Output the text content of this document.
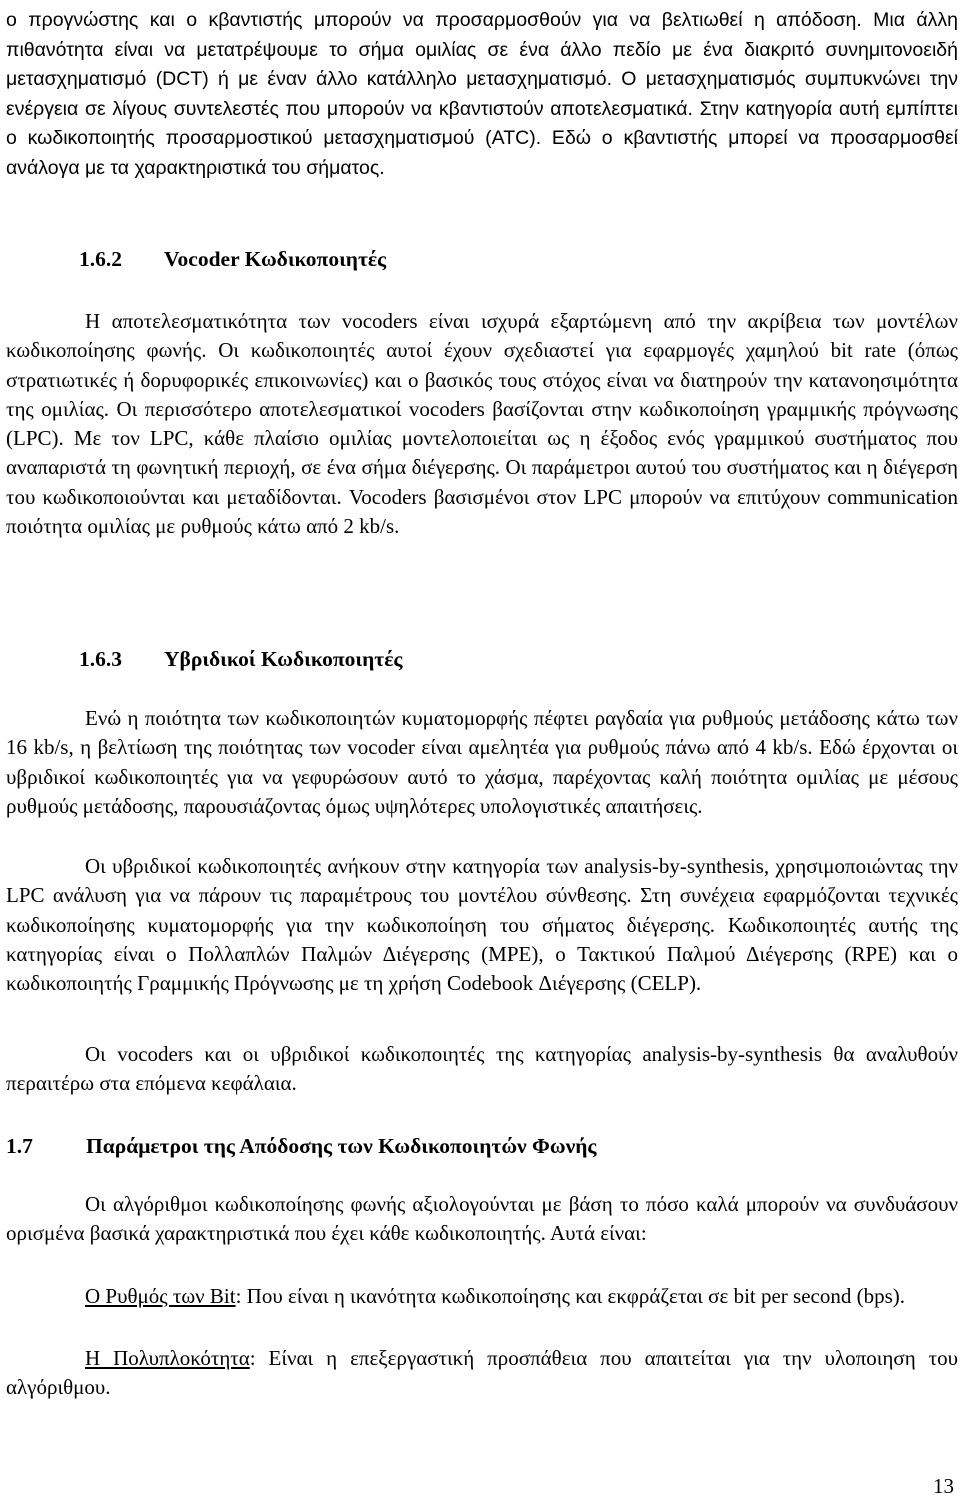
ο προγνώστης και ο κβαντιστής μπορούν να προσαρμοσθούν για να βελτιωθεί η απόδοση. Μια άλλη πιθανότητα είναι να μετατρέψουμε το σήμα ομιλίας σε ένα άλλο πεδίο με ένα διακριτό συνημιτονοειδή μετασχηματισμό (DCT) ή με έναν άλλο κατάλληλο μετασχηματισμό. Ο μετασχηματισμός συμπυκνώνει την ενέργεια σε λίγους συντελεστές που μπορούν να κβαντιστούν αποτελεσματικά. Στην κατηγορία αυτή εμπίπτει ο κωδικοποιητής προσαρμοστικού μετασχηματισμού (ATC). Εδώ ο κβαντιστής μπορεί να προσαρμοσθεί ανάλογα με τα χαρακτηριστικά του σήματος.

1.6.2 Vocoder Κωδικοποιητές

Η αποτελεσματικότητα των vocoders είναι ισχυρά εξαρτώμενη από την ακρίβεια των μοντέλων κωδικοποίησης φωνής. Οι κωδικοποιητές αυτοί έχουν σχεδιαστεί για εφαρμογές χαμηλού bit rate (όπως στρατιωτικές ή δορυφορικές επικοινωνίες) και ο βασικός τους στόχος είναι να διατηρούν την κατανοησιμότητα της ομιλίας. Οι περισσότερο αποτελεσματικοί vocoders βασίζονται στην κωδικοποίηση γραμμικής πρόγνωσης (LPC). Με τον LPC, κάθε πλαίσιο ομιλίας μοντελοποιείται ως η έξοδος ενός γραμμικού συστήματος που αναπαριστά τη φωνητική περιοχή, σε ένα σήμα διέγερσης. Οι παράμετροι αυτού του συστήματος και η διέγερση του κωδικοποιούνται και μεταδίδονται. Vocoders βασισμένοι στον LPC μπορούν να επιτύχουν communication ποιότητα ομιλίας με ρυθμούς κάτω από 2 kb/s.

1.6.3 Υβριδικοί Κωδικοποιητές

Ενώ η ποιότητα των κωδικοποιητών κυματομορφής πέφτει ραγδαία για ρυθμούς μετάδοσης κάτω των 16 kb/s, η βελτίωση της ποιότητας των vocoder είναι αμελητέα για ρυθμούς πάνω από 4 kb/s. Εδώ έρχονται οι υβριδικοί κωδικοποιητές για να γεφυρώσουν αυτό το χάσμα, παρέχοντας καλή ποιότητα ομιλίας με μέσους ρυθμούς μετάδοσης, παρουσιάζοντας όμως υψηλότερες υπολογιστικές απαιτήσεις.

Οι υβριδικοί κωδικοποιητές ανήκουν στην κατηγορία των analysis-by-synthesis, χρησιμοποιώντας την LPC ανάλυση για να πάρουν τις παραμέτρους του μοντέλου σύνθεσης. Στη συνέχεια εφαρμόζονται τεχνικές κωδικοποίησης κυματομορφής για την κωδικοποίηση του σήματος διέγερσης. Κωδικοποιητές αυτής της κατηγορίας είναι ο Πολλαπλών Παλμών Διέγερσης (MPE), ο Τακτικού Παλμού Διέγερσης (RPE) και ο κωδικοποιητής Γραμμικής Πρόγνωσης με τη χρήση Codebook Διέγερσης (CELP).

Οι vocoders και οι υβριδικοί κωδικοποιητές της κατηγορίας analysis-by-synthesis θα αναλυθούν περαιτέρω στα επόμενα κεφάλαια.

1.7 Παράμετροι της Απόδοσης των Κωδικοποιητών Φωνής

Οι αλγόριθμοι κωδικοποίησης φωνής αξιολογούνται με βάση το πόσο καλά μπορούν να συνδυάσουν ορισμένα βασικά χαρακτηριστικά που έχει κάθε κωδικοποιητής. Αυτά είναι:

Ο Ρυθμός των Bit: Που είναι η ικανότητα κωδικοποίησης και εκφράζεται σε bit per second (bps).

Η Πολυπλοκότητα: Είναι η επεξεργαστική προσπάθεια που απαιτείται για την υλοποιηση του αλγόριθμου.

13
